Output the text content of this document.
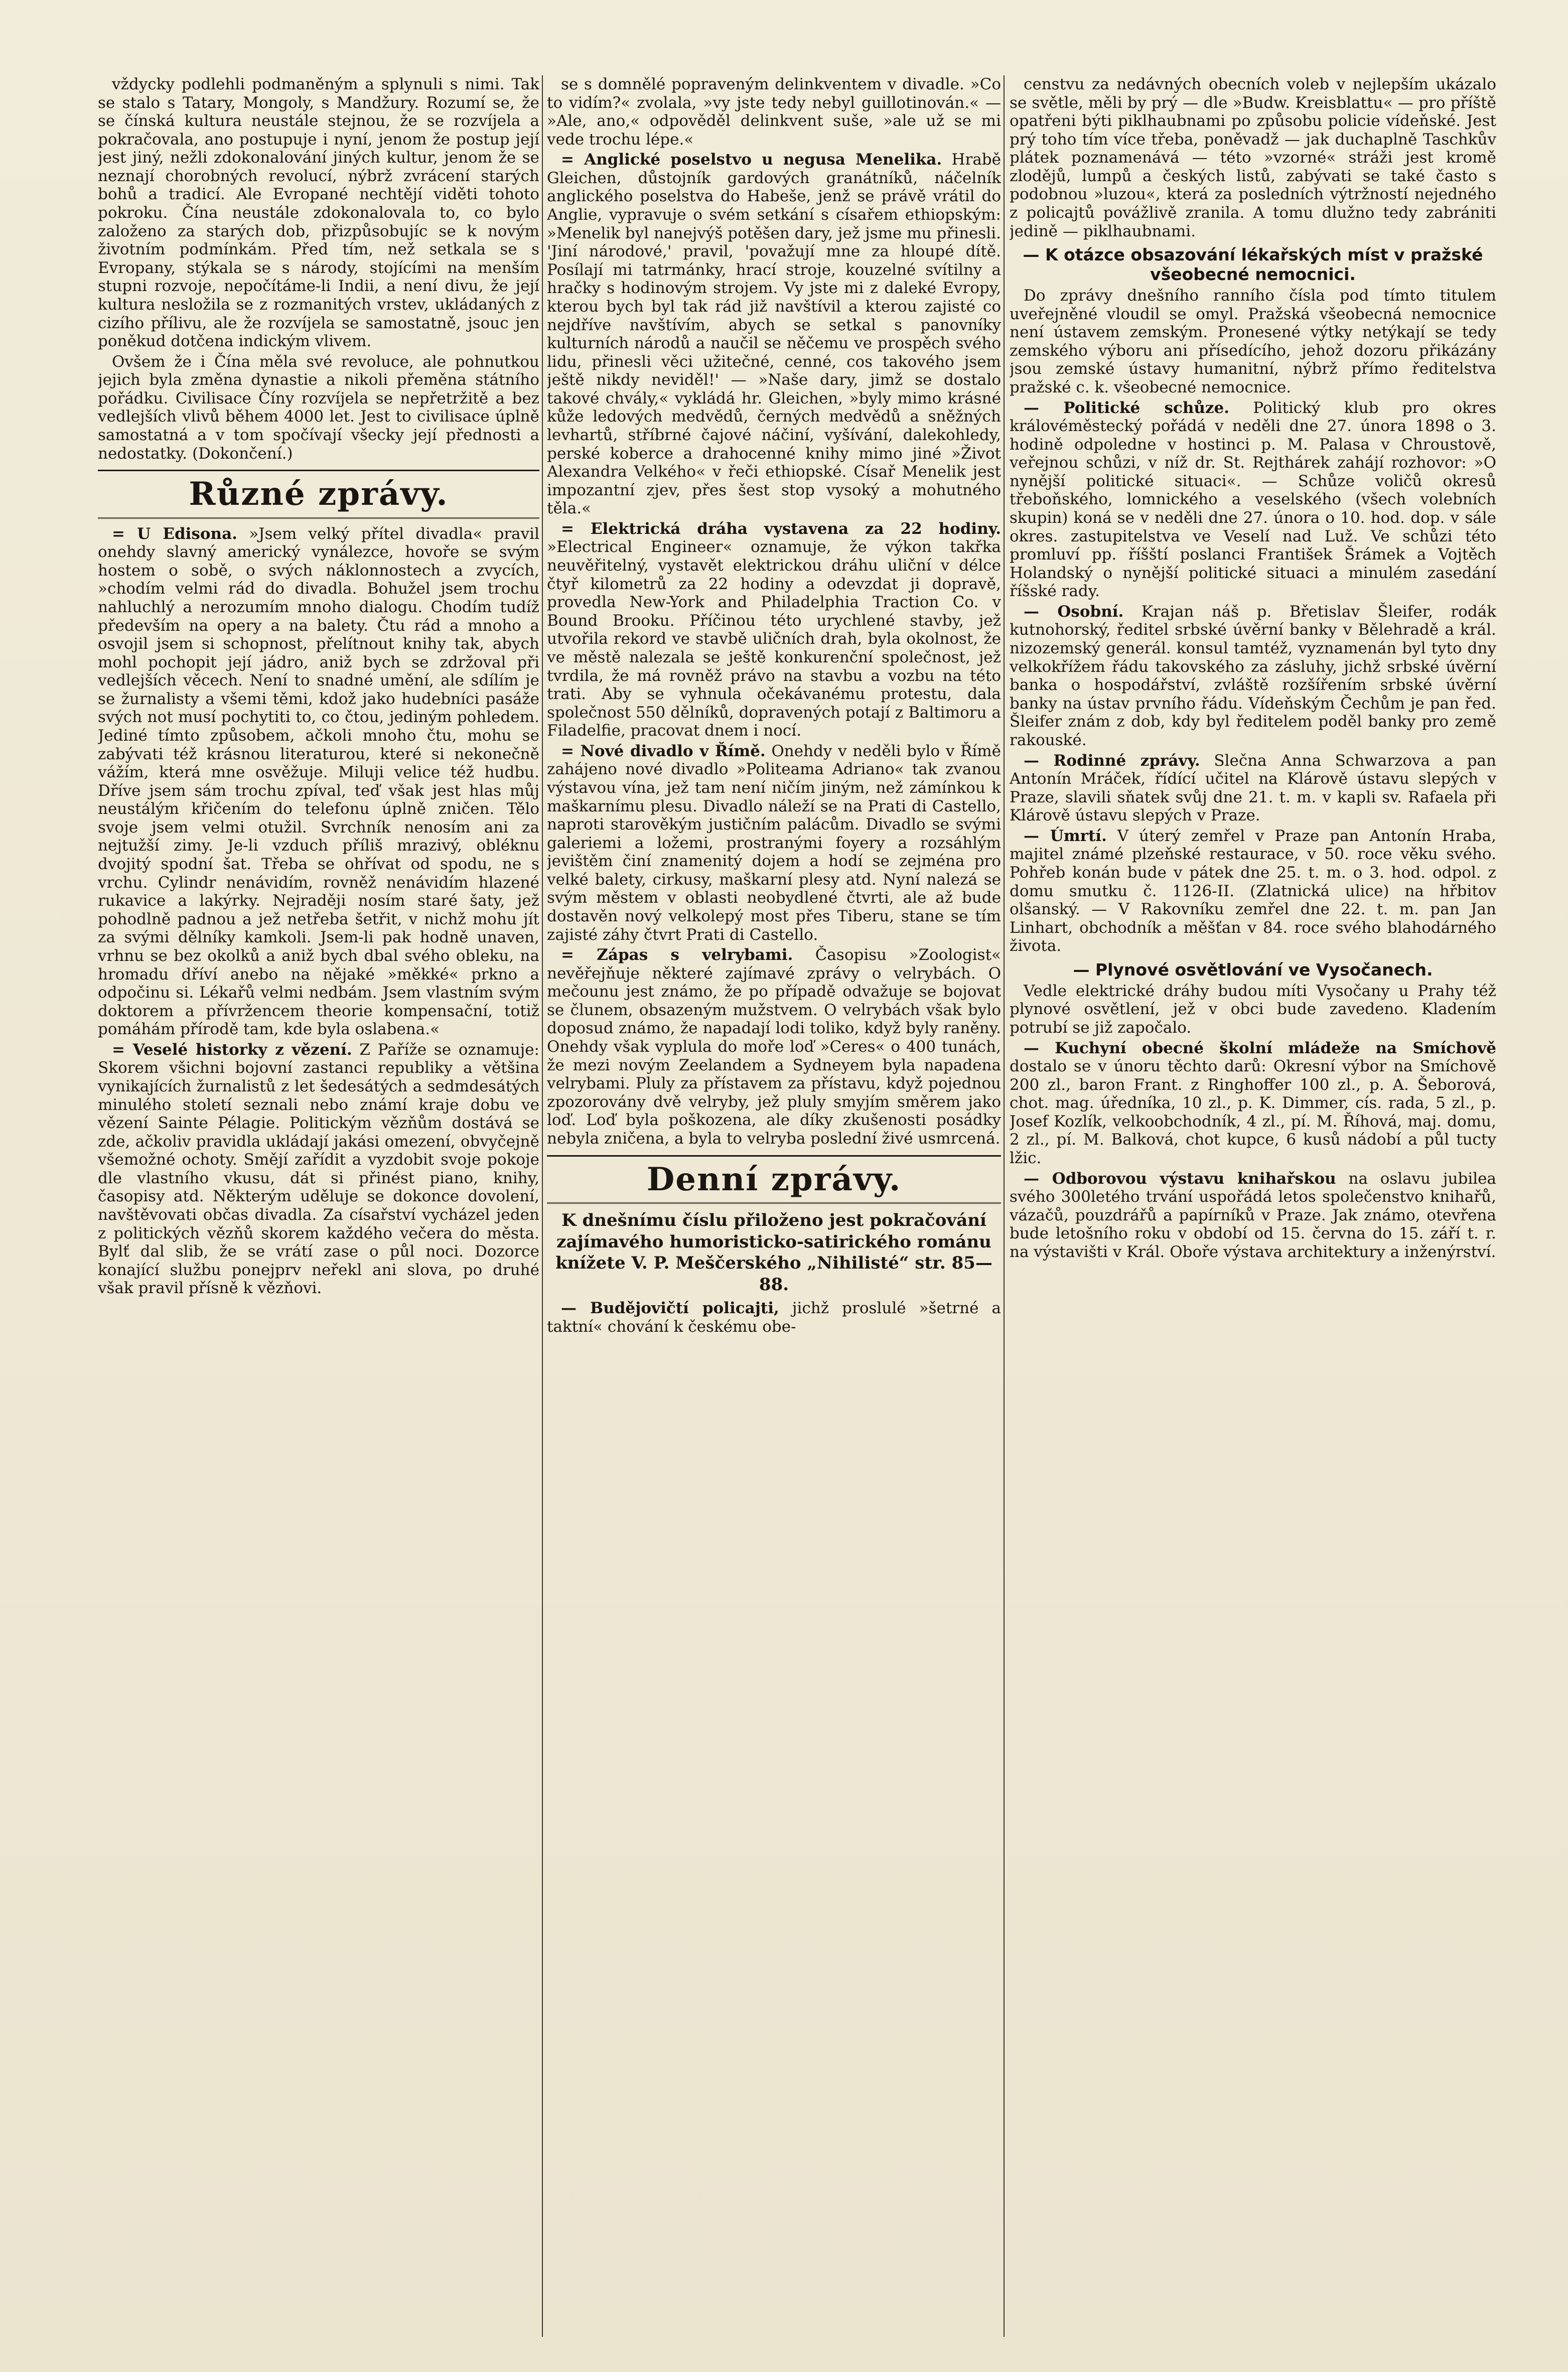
vždycky podlehli podmaněným a splynuli s nimi. Tak se stalo s Tatary, Mongoly, s Mandžury. Rozumí se, že se čínská kultura neustále stejnou, že se rozvíjela a pokračovala, ano postupuje i nyní, jenom že postup její jest jiný, nežli zdokonalování jiných kultur, jenom že se neznají chorobných revolucí, nýbrž zvrácení starých bohů a tradicí. Ale Evropané nechtějí viděti tohoto pokroku. Čína neustále zdokonalovala to, co bylo založeno za starých dob, přizpůsobujíc se k novým životním podmínkám. Před tím, než setkala se s Evropany, stýkala se s národy, stojícími na menším stupni rozvoje, nepočítáme-li Indii, a není divu, že její kultura nesložila se z rozmanitých vrstev, ukládaných z cizího přílivu, ale že rozvíjela se samostatně, jsouc jen poněkud dotčena indickým vlivem.

Ovšem že i Čína měla své revoluce, ale pohnutkou jejich byla změna dynastie a nikoli přeměna státního pořádku. Civilisace Číny rozvíjela se nepřetržitě a bez vedlejších vlivů během 4000 let. Jest to civilisace úplně samostatná a v tom spočívají všecky její přednosti a nedostatky. (Dokončení.)

Různé zprávy.

= U Edisona. »Jsem velký přítel divadla« pravil onehdy slavný americký vynálezce, hovoře se svým hostem o sobě, o svých náklonnostech a zvycích, »chodím velmi rád do divadla. Bohužel jsem trochu nahluchlý a nerozumím mnoho dialogu. Chodím tudíž především na opery a na balety. Čtu rád a mnoho a osvojil jsem si schopnost, přelítnout knihy tak, abych mohl pochopit její jádro, aniž bych se zdržoval při vedlejších věcech. Není to snadné umění, ale sdílím je se žurnalisty a všemi těmi, kdož jako hudebníci pasáže svých not musí pochytiti to, co čtou, jediným pohledem. Jediné tímto způsobem, ačkoli mnoho čtu, mohu se zabývati též krásnou literaturou, které si nekonečně vážím, která mne osvěžuje. Miluji velice též hudbu. Dříve jsem sám trochu zpíval, teď však jest hlas můj neustálým křičením do telefonu úplně zničen. Tělo svoje jsem velmi otužil. Svrchník nenosím ani za nejtužší zimy. Je-li vzduch příliš mrazivý, obléknu dvojitý spodní šat. Třeba se ohřívat od spodu, ne s vrchu. Cylindr nenávidím, rovněž nenávidím hlazené rukavice a lakýrky. Nejraději nosím staré šaty, jež pohodlně padnou a jež netřeba šetřit, v nichž mohu jít za svými dělníky kamkoli. Jsem-li pak hodně unaven, vrhnu se bez okolků a aniž bych dbal svého obleku, na hromadu dříví anebo na nějaké »měkké« prkno a odpočinu si. Lékařů velmi nedbám. Jsem vlastním svým doktorem a přívržencem theorie kompensační, totiž pomáhám přírodě tam, kde byla oslabena.«

= Veselé historky z vězení. Z Paříže se oznamuje: Skorem všichni bojovní zastanci republiky a většina vynikajících žurnalistů z let šedesátých a sedmdesátých minulého století seznali nebo známí kraje dobu ve vězení Sainte Pélagie. Politickým vězňům dostává se zde, ačkoliv pravidla ukládají jakási omezení, obvyčejně všemožné ochoty. Smějí zařídit a vyzdobit svoje pokoje dle vlastního vkusu, dát si přinést piano, knihy, časopisy atd. Některým uděluje se dokonce dovolení, navštěvovati občas divadla. Za císařství vycházel jeden z politických vězňů skorem každého večera do města. Bylť dal slib, že se vrátí zase o půl noci. Dozorce konající službu ponejprv neřekl ani slova, po druhé však pravil přísně k vězňovi.

se s domnělé popraveným delinkventem v divadle. »Co to vidím?« zvolala, »vy jste tedy nebyl guillotinován.« — »Ale, ano,« odpověděl delinkvent suše, »ale už se mi vede trochu lépe.«

= Anglické poselstvo u negusa Menelika. Hrabě Gleichen, důstojník gardových granátníků, náčelník anglického poselstva do Habeše, jenž se právě vrátil do Anglie, vypravuje o svém setkání s císařem ethiopským: »Menelik byl nanejvýš potěšen dary, jež jsme mu přinesli. 'Jiní národové,' pravil, 'považují mne za hloupé dítě. Posílají mi tatrmánky, hrací stroje, kouzelné svítilny a hračky s hodinovým strojem. Vy jste mi z daleké Evropy, kterou bych byl tak rád již navštívil a kterou zajisté co nejdříve navštívím, abych se setkal s panovníky kulturních národů a naučil se něčemu ve prospěch svého lidu, přinesli věci užitečné, cenné, cos takového jsem ještě nikdy neviděl!' — »Naše dary, jimž se dostalo takové chvály,« vykládá hr. Gleichen, »byly mimo krásné kůže ledových medvědů, černých medvědů a sněžných levhartů, stříbrné čajové náčiní, vyšívání, dalekohledy, perské koberce a drahocenné knihy mimo jiné »Život Alexandra Velkého« v řeči ethiopské. Císař Menelik jest impozantní zjev, přes šest stop vysoký a mohutného těla.«

= Elektrická dráha vystavena za 22 hodiny. »Electrical Engineer« oznamuje, že výkon takřka neuvěřitelný, vystavět elektrickou dráhu uliční v délce čtyř kilometrů za 22 hodiny a odevzdat ji dopravě, provedla New-York and Philadelphia Traction Co. v Bound Brooku. Příčinou této urychlené stavby, jež utvořila rekord ve stavbě uličních drah, byla okolnost, že ve městě nalezala se ještě konkurenční společnost, jež tvrdila, že má rovněž právo na stavbu a vozbu na této trati. Aby se vyhnula očekávanému protestu, dala společnost 550 dělníků, dopravených potají z Baltimoru a Filadelfie, pracovat dnem i nocí.

= Nové divadlo v Římě. Onehdy v neděli bylo v Římě zahájeno nové divadlo »Politeama Adriano« tak zvanou výstavou vína, jež tam není ničím jiným, než zámínkou k maškarnímu plesu. Divadlo náleží se na Prati di Castello, naproti starověkým justičním palácům. Divadlo se svými galeriemi a ložemi, prostranými foyery a rozsáhlým jevištěm činí znamenitý dojem a hodí se zejména pro velké balety, cirkusy, maškarní plesy atd. Nyní nalezá se svým městem v oblasti neobydlené čtvrti, ale až bude dostavěn nový velkolepý most přes Tiberu, stane se tím zajisté záhy čtvrt Prati di Castello.

= Zápas s velrybami. Časopisu »Zoologist« nevěřejňuje některé zajímavé zprávy o velrybách. O mečounu jest známo, že po případě odvažuje se bojovat se člunem, obsazeným mužstvem. O velrybách však bylo doposud známo, že napadají lodi toliko, když byly raněny. Onehdy však vyplula do moře loď »Ceres« o 400 tunách, že mezi novým Zeelandem a Sydneyem byla napadena velrybami. Pluly za přístavem za přístavu, když pojednou zpozorovány dvě velryby, jež pluly smyjím směrem jako loď. Loď byla poškozena, ale díky zkušenosti posádky nebyla zničena, a byla to velryba poslední živé usmrcená.

Denní zprávy.
K dnešnímu číslu přiloženo jest pokračování zajímavého humoristicko-satirického románu knížete V. P. Meščerského „Nihilisté“ str. 85—88.

— Budějovičtí policajti, jichž proslulé »šetrné a taktní« chování k českému obe-

censtvu za nedávných obecních voleb v nejlepším ukázalo se světle, měli by prý — dle »Budw. Kreisblattu« — pro příště opatřeni býti piklhaubnami po způsobu policie vídeňské. Jest prý toho tím více třeba, poněvadž — jak duchaplně Taschkův plátek poznamenává — této »vzorné« stráži jest kromě zlodějů, lumpů a českých listů, zabývati se také často s podobnou »luzou«, která za posledních výtržností nejedného z policajtů povážlivě zranila. A tomu dlužno tedy zabrániti jedině — piklhaubnami.

— K otázce obsazování lékařských míst v pražské všeobecné nemocnici.

Do zprávy dnešního ranního čísla pod tímto titulem uveřejněné vloudil se omyl. Pražská všeobecná nemocnice není ústavem zemským. Pronesené výtky netýkají se tedy zemského výboru ani přísedícího, jehož dozoru přikázány jsou zemské ústavy humanitní, nýbrž přímo ředitelstva pražské c. k. všeobecné nemocnice.

— Politické schůze. Politický klub pro okres královéměstecký pořádá v neděli dne 27. února 1898 o 3. hodině odpoledne v hostinci p. M. Palasa v Chroustově, veřejnou schůzi, v níž dr. St. Rejthárek zahájí rozhovor: »O nynější politické situaci«. — Schůze voličů okresů třeboňského, lomnického a veselského (všech volebních skupin) koná se v neděli dne 27. února o 10. hod. dop. v sále okres. zastupitelstva ve Veselí nad Luž. Ve schůzi této promluví pp. říšští poslanci František Šrámek a Vojtěch Holandský o nynější politické situaci a minulém zasedání říšské rady.

— Osobní. Krajan náš p. Břetislav Šleifer, rodák kutnohorský, ředitel srbské úvěrní banky v Bělehradě a král. nizozemský generál. konsul tamtéž, vyznamenán byl tyto dny velkokřížem řádu takovského za zásluhy, jichž srbské úvěrní banka o hospodářství, zvláště rozšířením srbské úvěrní banky na ústav prvního řádu. Vídeňským Čechům je pan řed. Šleifer znám z dob, kdy byl ředitelem poděl banky pro země rakouské.

— Rodinné zprávy. Slečna Anna Schwarzova a pan Antonín Mráček, řídící učitel na Klárově ústavu slepých v Praze, slavili sňatek svůj dne 21. t. m. v kapli sv. Rafaela při Klárově ústavu slepých v Praze.

— Úmrtí. V úterý zemřel v Praze pan Antonín Hraba, majitel známé plzeňské restaurace, v 50. roce věku svého. Pohřeb konán bude v pátek dne 25. t. m. o 3. hod. odpol. z domu smutku č. 1126-II. (Zlatnická ulice) na hřbitov olšanský. — V Rakovníku zemřel dne 22. t. m. pan Jan Linhart, obchodník a měšťan v 84. roce svého blahodárného života.

— Plynové osvětlování ve Vysočanech.

Vedle elektrické dráhy budou míti Vysočany u Prahy též plynové osvětlení, jež v obci bude zavedeno. Kladením potrubí se již započalo.

— Kuchyní obecné školní mládeže na Smíchově dostalo se v únoru těchto darů: Okresní výbor na Smíchově 200 zl., baron Frant. z Ringhoffer 100 zl., p. A. Šeborová, chot. mag. úředníka, 10 zl., p. K. Dimmer, cís. rada, 5 zl., p. Josef Kozlík, velkoobchodník, 4 zl., pí. M. Říhová, maj. domu, 2 zl., pí. M. Balková, chot kupce, 6 kusů nádobí a půl tucty lžic.

— Odborovou výstavu knihařskou na oslavu jubilea svého 300letého trvání uspořádá letos společenstvo knihařů, vázačů, pouzdrářů a papírníků v Praze. Jak známo, otevřena bude letošního roku v období od 15. června do 15. září t. r. na výstavišti v Král. Oboře výstava architektury a inženýrství.
